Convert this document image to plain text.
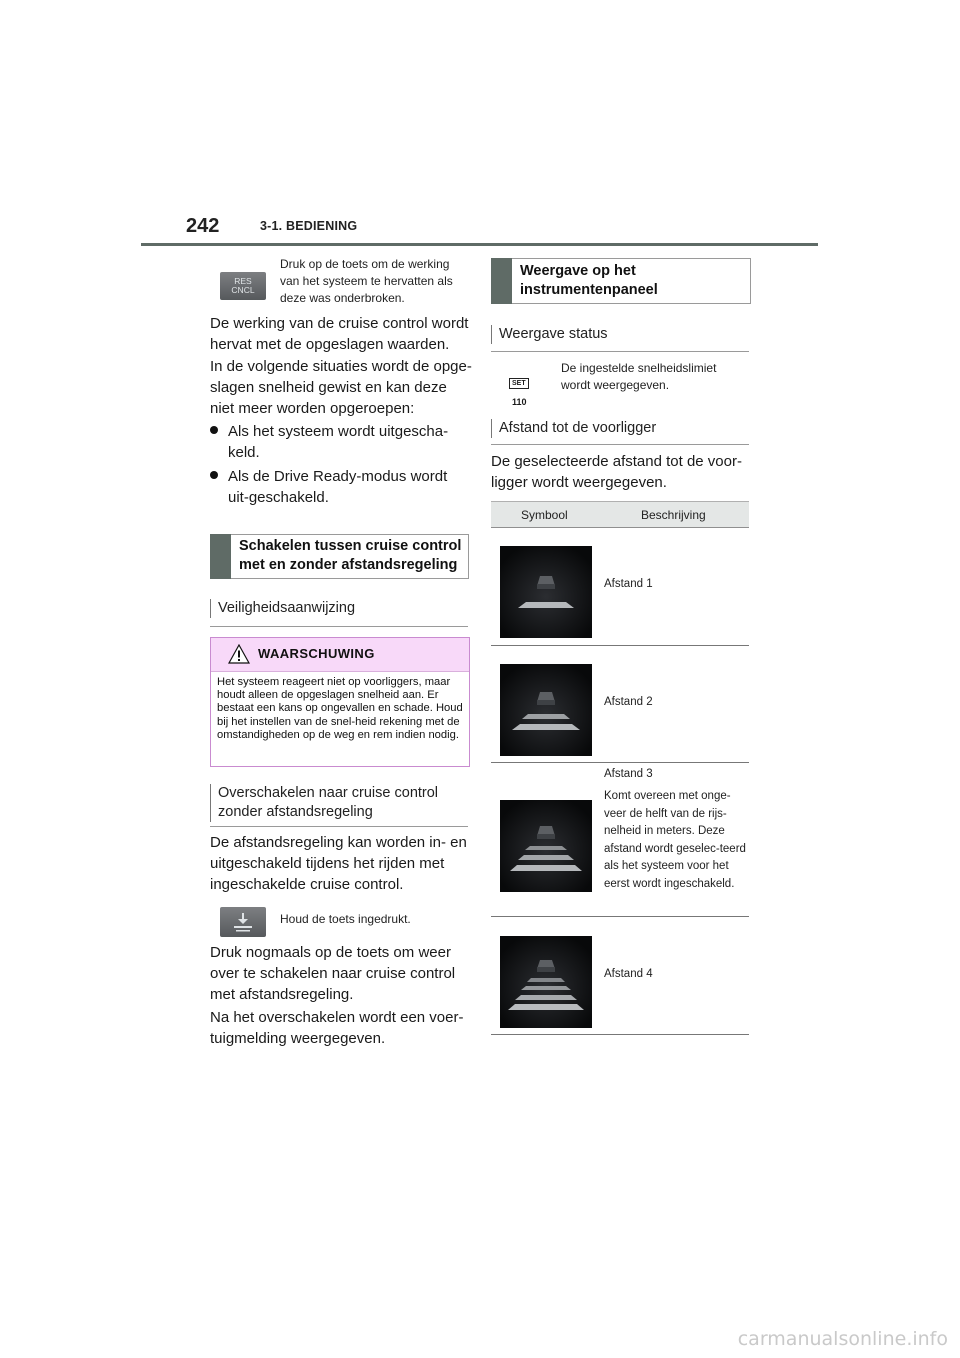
242	3-1. BEDIENING
RES
CNCL
Druk op de toets om de werking van het systeem te hervatten als deze was onderbroken.
De werking van de cruise control wordt hervat met de opgeslagen waarden.
In de volgende situaties wordt de opge-slagen snelheid gewist en kan deze niet meer worden opgeroepen:
Als het systeem wordt uitgescha-keld.
Als de Drive Ready-modus wordt uit-geschakeld.
Schakelen tussen cruise control met en zonder afstandsregeling
Veiligheidsaanwijzing
WAARSCHUWING
Het systeem reageert niet op voorliggers, maar houdt alleen de opgeslagen snelheid aan. Er bestaat een kans op ongevallen en schade. Houd bij het instellen van de snel-heid rekening met de omstandigheden op de weg en rem indien nodig.
Overschakelen naar cruise control zonder afstandsregeling
De afstandsregeling kan worden in- en uitgeschakeld tijdens het rijden met ingeschakelde cruise control.
Houd de toets ingedrukt.
Druk nogmaals op de toets om weer over te schakelen naar cruise control met afstandsregeling.
Na het overschakelen wordt een voer-tuigmelding weergegeven.
Weergave op het instrumentenpaneel
Weergave status
SET 110
De ingestelde snelheidslimiet wordt weergegeven.
Afstand tot de voorligger
De geselecteerde afstand tot de voor-ligger wordt weergegeven.
Symbool	Beschrijving
Afstand 1
Afstand 2
Afstand 3
Komt overeen met onge-veer de helft van de rijs-nelheid in meters. Deze afstand wordt geselec-teerd als het systeem voor het eerst wordt ingeschakeld.
Afstand 4
carmanualsonline.info
